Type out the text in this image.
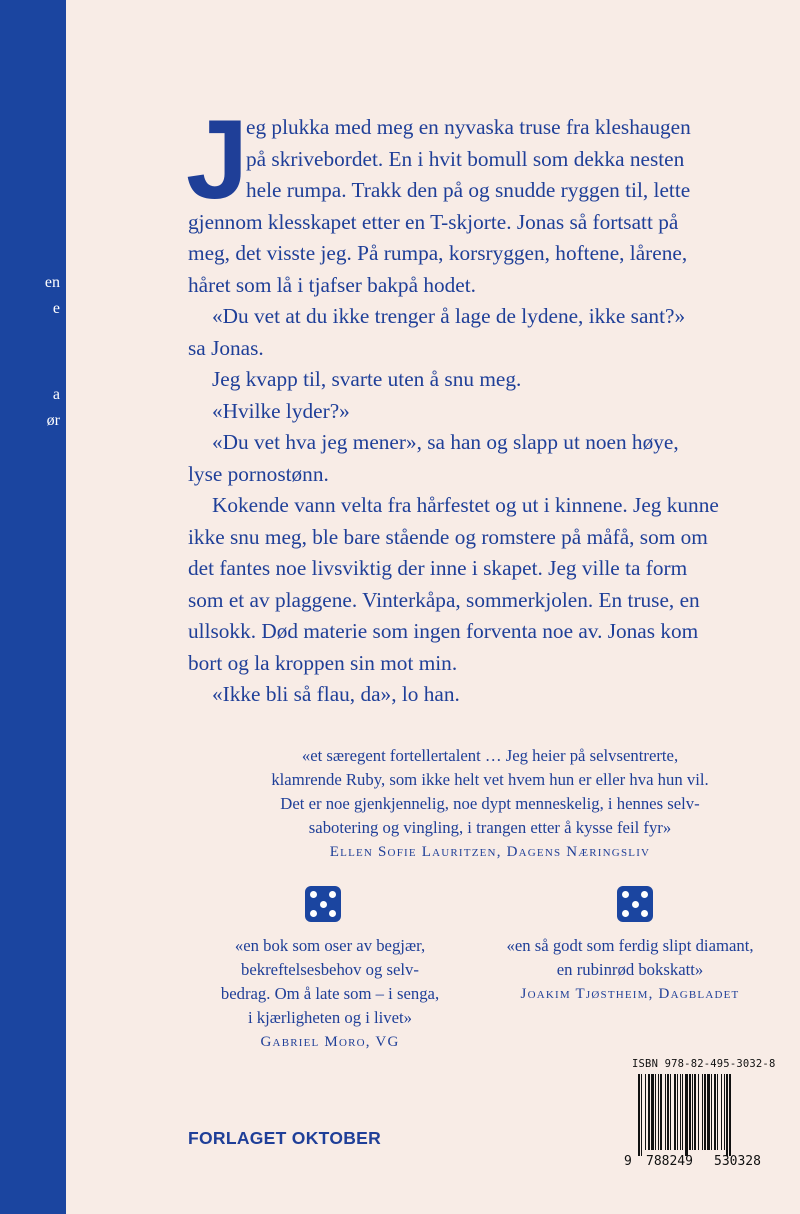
en
e
a
ør
J
eg plukka med meg en nyvaska truse fra kleshaugen
på skrivebordet. En i hvit bomull som dekka nesten
hele rumpa. Trakk den på og snudde ryggen til, lette
gjennom klesskapet etter en T-skjorte. Jonas så fortsatt på
meg, det visste jeg. På rumpa, korsryggen, hoftene, lårene,
håret som lå i tjafser bakpå hodet.
«Du vet at du ikke trenger å lage de lydene, ikke sant?»
sa Jonas.
Jeg kvapp til, svarte uten å snu meg.
«Hvilke lyder?»
«Du vet hva jeg mener», sa han og slapp ut noen høye,
lyse pornostønn.
Kokende vann velta fra hårfestet og ut i kinnene. Jeg kunne
ikke snu meg, ble bare stående og romstere på måfå, som om
det fantes noe livsviktig der inne i skapet. Jeg ville ta form
som et av plaggene. Vinterkåpa, sommerkjolen. En truse, en
ullsokk. Død materie som ingen forventa noe av. Jonas kom
bort og la kroppen sin mot min.
«Ikke bli så flau, da», lo han.
«et særegent fortellertalent … Jeg heier på selvsentrerte,
klamrende Ruby, som ikke helt vet hvem hun er eller hva hun vil.
Det er noe gjenkjennelig, noe dypt menneskelig, i hennes selv-
sabotering og vingling, i trangen etter å kysse feil fyr»
Ellen Sofie Lauritzen, Dagens Næringsliv
«en bok som oser av begjær,
bekreftelsesbehov og selv-
bedrag. Om å late som – i senga,
i kjærligheten og i livet»
Gabriel Moro, VG
«en så godt som ferdig slipt diamant,
en rubinrød bokskatt»
Joakim Tjøstheim, Dagbladet
FORLAGET OKTOBER
ISBN 978-82-495-3032-8
9 788249 530328
